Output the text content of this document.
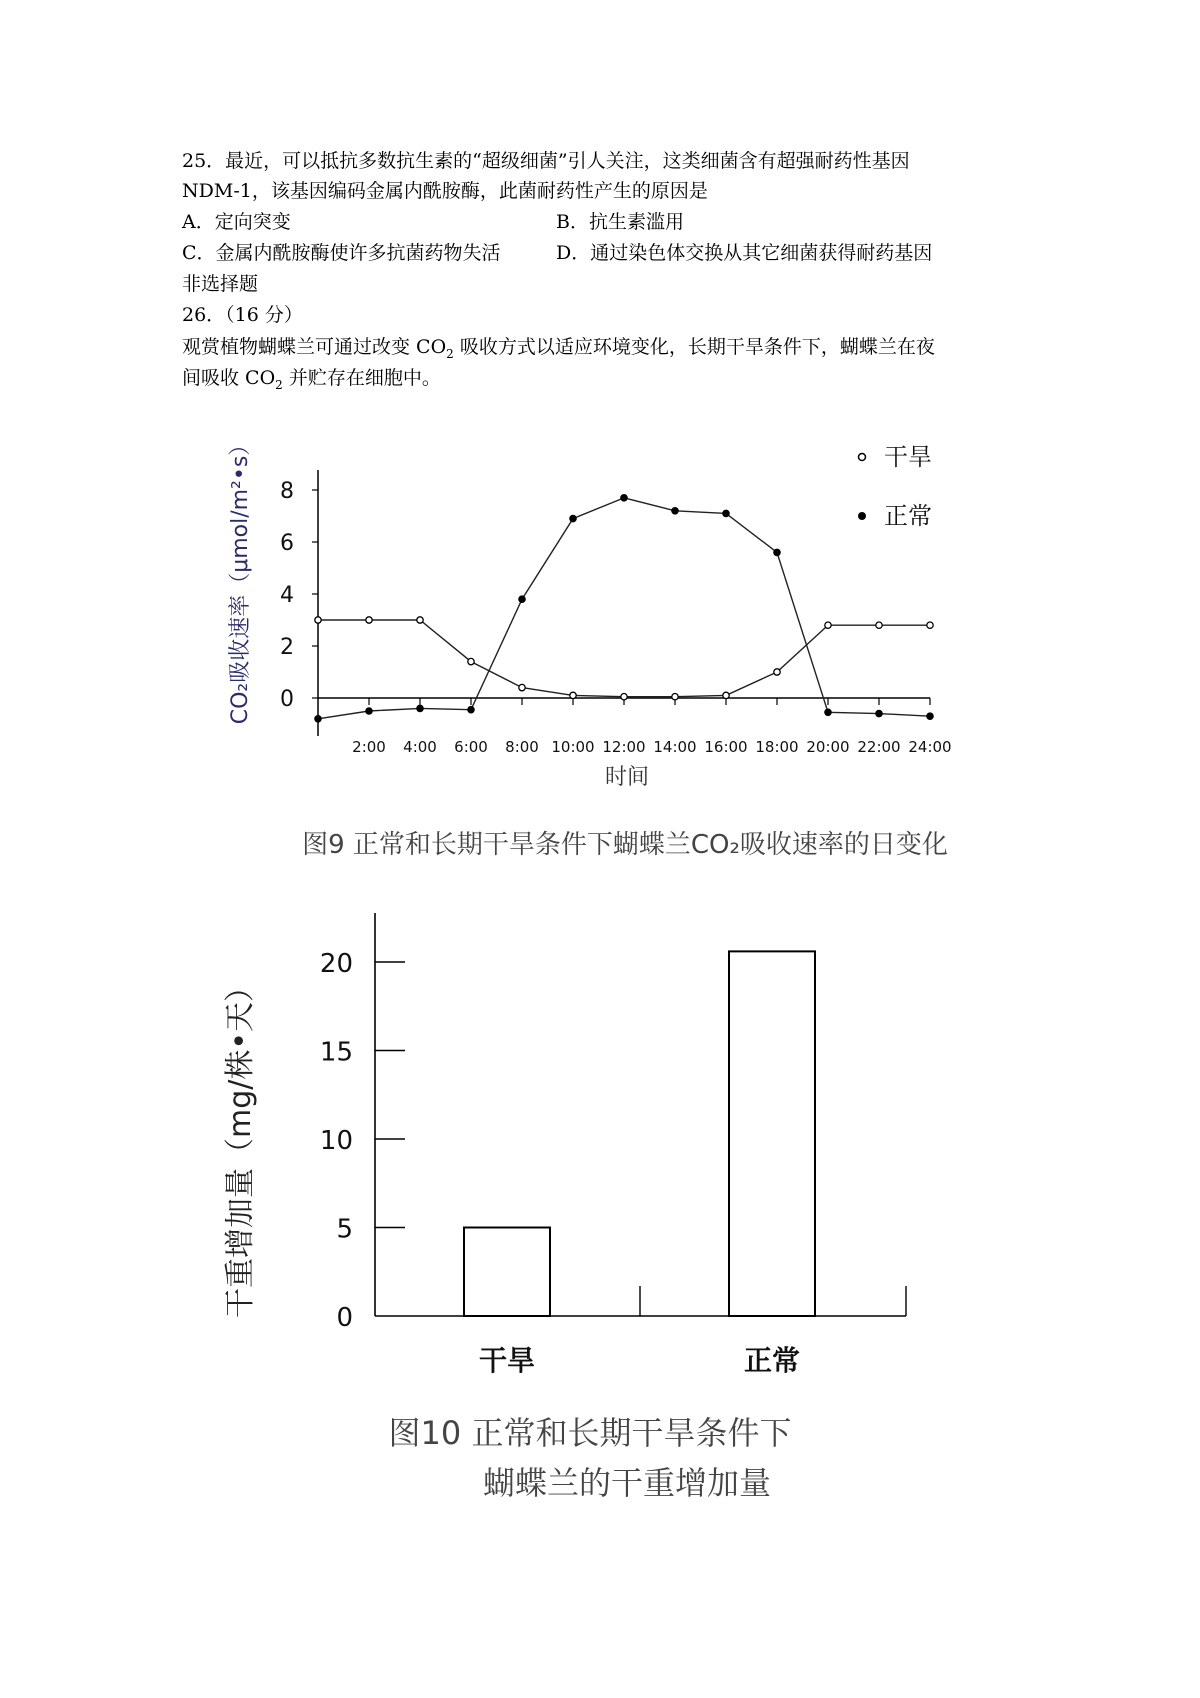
25．最近，可以抵抗多数抗生素的“超级细菌”引人关注，这类细菌含有超强耐药性基因
NDM-1，该基因编码金属内酰胺酶，此菌耐药性产生的原因是
A．定向突变	B．抗生素滥用
C．金属内酰胺酶使许多抗菌药物失活	D．通过染色体交换从其它细菌获得耐药基因
非选择题
26．（16 分）
观赏植物蝴蝶兰可通过改变 $CO_2$ 吸收方式以适应环境变化，长期干旱条件下，蝴蝶兰在夜
间吸收 $CO_2$ 并贮存在细胞中。
0
2
4
6
8
2:00 4:00 6:00 8:00 10:00 12:00 14:00 16:00 18:00 20:00 22:00 24:00
CO₂吸收速率（μmol/m²•s）
时间
干旱
正常
图9 正常和长期干旱条件下蝴蝶兰CO₂吸收速率的日变化
0
5
10
15
20
干旱	正常
干重增加量（mg/株•天）
图10 正常和长期干旱条件下
蝴蝶兰的干重增加量
